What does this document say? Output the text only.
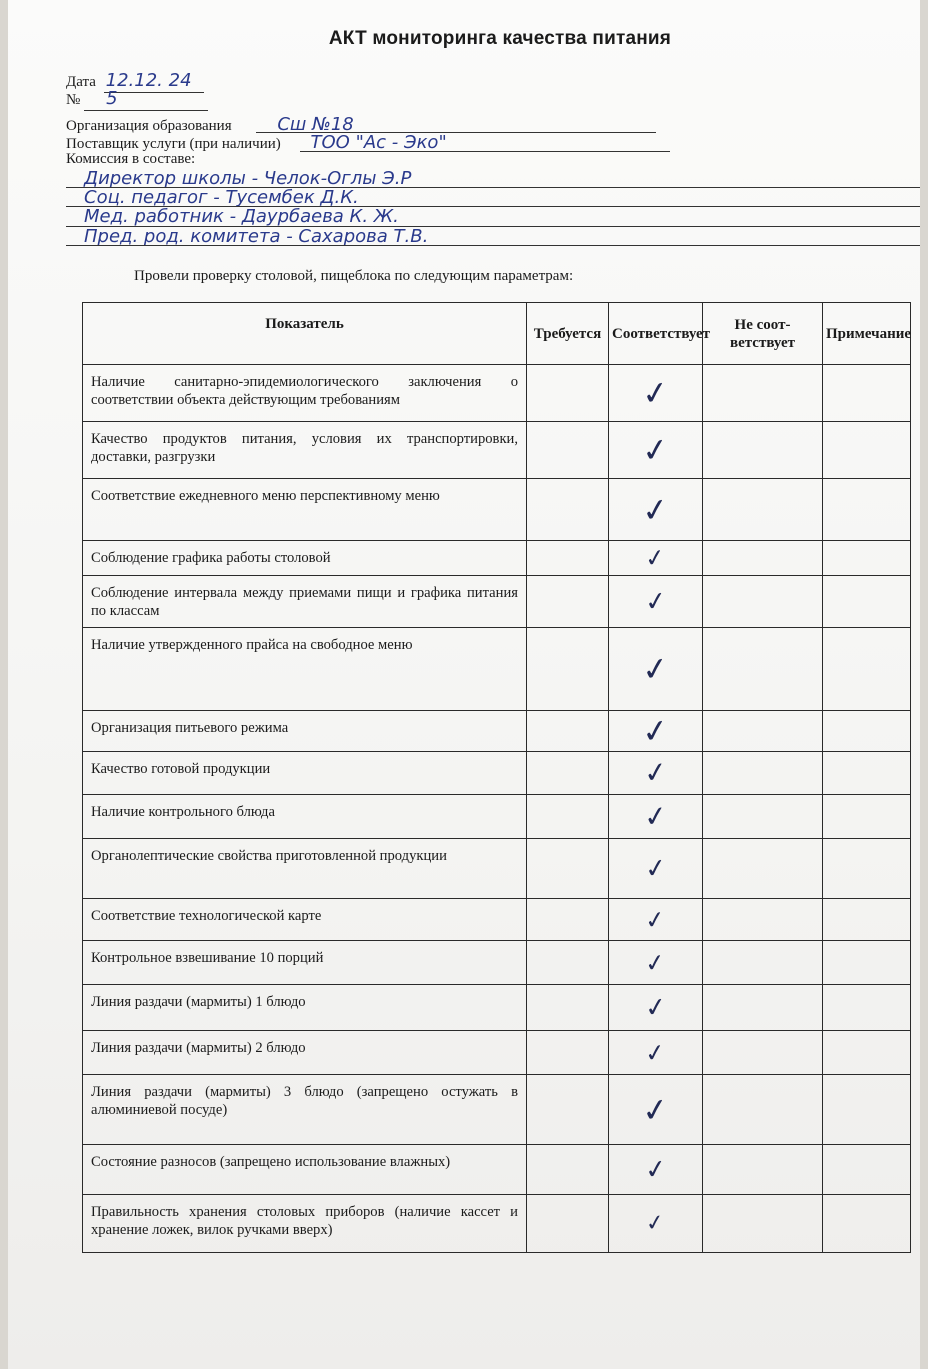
АКТ мониторинга качества питания
Дата 12.12. 24
№ 5
Организация образования	Сш №18
Поставщик услуги (при наличии) ТОО "Ас - Эко"
Комиссия в составе:
Директор школы - Челок-Оглы Э.Р
Соц. педагог - Тусембек Д.К.
Мед. работник - Даурбаева К. Ж.
Пред. род. комитета - Сахарова Т.В.
Провели проверку столовой, пищеблока по следующим параметрам:
Показатель	Требуется	Соответствует	Не соот-ветствует	Примечание
Наличие санитарно-эпидемиологического заключения о соответствии объекта действующим требованиям		✓		
Качество продуктов питания, условия их транспортировки, доставки, разгрузки		✓		
Соответствие ежедневного меню перспективному меню		✓		
Соблюдение графика работы столовой		✓		
Соблюдение интервала между приемами пищи и графика питания по классам		✓		
Наличие утвержденного прайса на свободное меню		✓		
Организация питьевого режима		✓		
Качество готовой продукции		✓		
Наличие контрольного блюда		✓		
Органолептические свойства приготовленной продукции		✓		
Соответствие технологической карте		✓		
Контрольное взвешивание 10 порций		✓		
Линия раздачи (мармиты) 1 блюдо		✓		
Линия раздачи (мармиты) 2 блюдо		✓		
Линия раздачи (мармиты) 3 блюдо (запрещено остужать в алюминиевой посуде)		✓		
Состояние разносов (запрещено использование влажных)		✓		
Правильность хранения столовых приборов (наличие кассет и хранение ложек, вилок ручками вверх)		✓		
